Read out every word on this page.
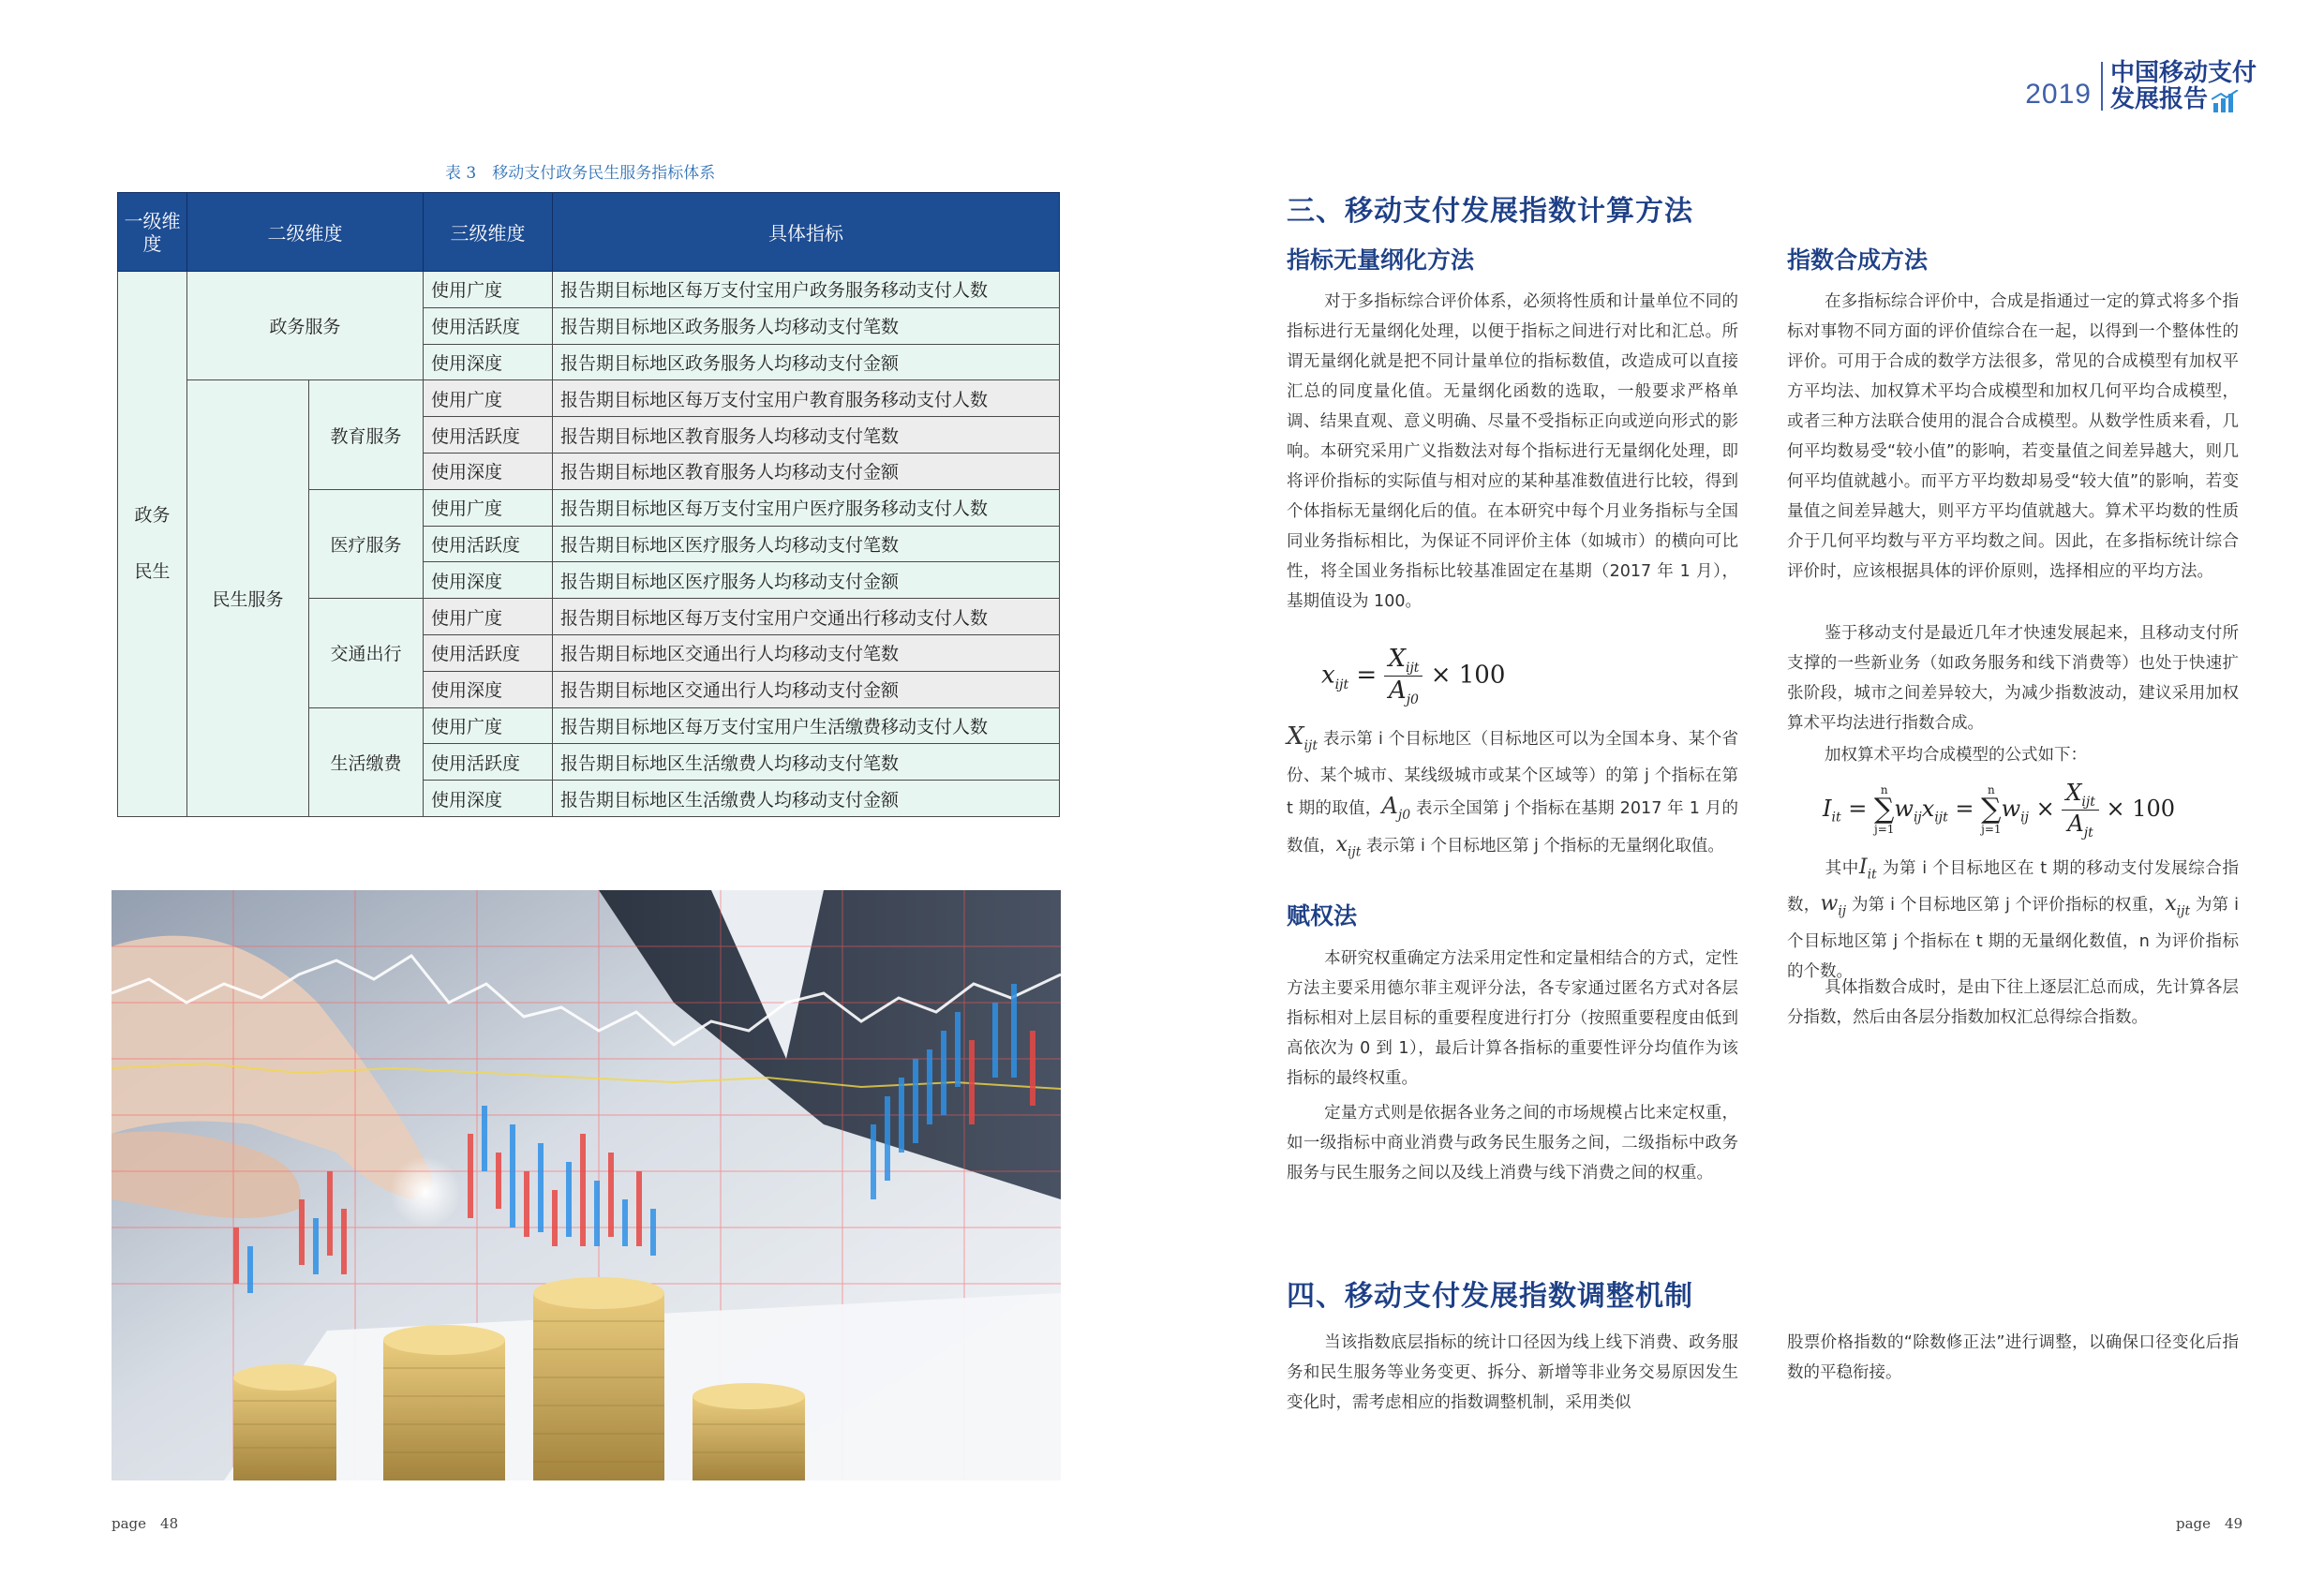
2019
中国移动支付
发展报告
表 3　移动支付政务民生服务指标体系
一级维度	二级维度		三级维度	具体指标

政务
民生	政务服务		使用广度	报告期目标地区每万支付宝用户政务服务移动支付人数
			使用活跃度	报告期目标地区政务服务人均移动支付笔数
			使用深度	报告期目标地区政务服务人均移动支付金额
	民生服务	教育服务	使用广度	报告期目标地区每万支付宝用户教育服务移动支付人数
			使用活跃度	报告期目标地区教育服务人均移动支付笔数
			使用深度	报告期目标地区教育服务人均移动支付金额
		医疗服务	使用广度	报告期目标地区每万支付宝用户医疗服务移动支付人数
			使用活跃度	报告期目标地区医疗服务人均移动支付笔数
			使用深度	报告期目标地区医疗服务人均移动支付金额
		交通出行	使用广度	报告期目标地区每万支付宝用户交通出行移动支付人数
			使用活跃度	报告期目标地区交通出行人均移动支付笔数
			使用深度	报告期目标地区交通出行人均移动支付金额
		生活缴费	使用广度	报告期目标地区每万支付宝用户生活缴费移动支付人数
			使用活跃度	报告期目标地区生活缴费人均移动支付笔数
			使用深度	报告期目标地区生活缴费人均移动支付金额
三、移动支付发展指数计算方法
指标无量纲化方法
对于多指标综合评价体系，必须将性质和计量单位不同的指标进行无量纲化处理，以便于指标之间进行对比和汇总。所谓无量纲化就是把不同计量单位的指标数值，改造成可以直接汇总的同度量化值。无量纲化函数的选取，一般要求严格单调、结果直观、意义明确、尽量不受指标正向或逆向形式的影响。本研究采用广义指数法对每个指标进行无量纲化处理，即将评价指标的实际值与相对应的某种基准数值进行比较，得到个体指标无量纲化后的值。在本研究中每个月业务指标与全国同业务指标相比，为保证不同评价主体（如城市）的横向可比性，将全国业务指标比较基准固定在基期（2017 年 1 月），基期值设为 100。
$x_{ijt} = \frac{X_{ijt}}{A_{j0}} \times 100$
$X_{ijt}$ 表示第 i 个目标地区（目标地区可以为全国本身、某个省份、某个城市、某线级城市或某个区域等）的第 j 个指标在第 t 期的取值，$A_{j0}$ 表示全国第 j 个指标在基期 2017 年 1 月的数值，$x_{ijt}$ 表示第 i 个目标地区第 j 个指标的无量纲化取值。
赋权法
本研究权重确定方法采用定性和定量相结合的方式，定性方法主要采用德尔菲主观评分法，各专家通过匿名方式对各层指标相对上层目标的重要程度进行打分（按照重要程度由低到高依次为 0 到 1），最后计算各指标的重要性评分均值作为该指标的最终权重。
定量方式则是依据各业务之间的市场规模占比来定权重，如一级指标中商业消费与政务民生服务之间，二级指标中政务服务与民生服务之间以及线上消费与线下消费之间的权重。
指数合成方法
在多指标综合评价中，合成是指通过一定的算式将多个指标对事物不同方面的评价值综合在一起，以得到一个整体性的评价。可用于合成的数学方法很多，常见的合成模型有加权平方平均法、加权算术平均合成模型和加权几何平均合成模型，或者三种方法联合使用的混合合成模型。从数学性质来看，几何平均数易受“较小值”的影响，若变量值之间差异越大，则几何平均值就越小。而平方平均数却易受“较大值”的影响，若变量值之间差异越大，则平方平均值就越大。算术平均数的性质介于几何平均数与平方平均数之间。因此，在多指标统计综合评价时，应该根据具体的评价原则，选择相应的平均方法。
鉴于移动支付是最近几年才快速发展起来，且移动支付所支撑的一些新业务（如政务服务和线下消费等）也处于快速扩张阶段，城市之间差异较大，为减少指数波动，建议采用加权算术平均法进行指数合成。
加权算术平均合成模型的公式如下：
$I_{it}$ =
n
∑
j=1
$w_{ij}x_{ijt}$ =
n
∑
j=1
$w_{ij} \times \frac{X_{ijt}}{A_{jt}} \times 100$
其中$I_{it}$ 为第 i 个目标地区在 t 期的移动支付发展综合指数，$w_{ij}$ 为第 i 个目标地区第 j 个评价指标的权重，$x_{ijt}$ 为第 i 个目标地区第 j 个指标在 t 期的无量纲化数值，n 为评价指标的个数。
具体指数合成时，是由下往上逐层汇总而成，先计算各层分指数，然后由各层分指数加权汇总得综合指数。
四、移动支付发展指数调整机制
当该指数底层指标的统计口径因为线上线下消费、政务服务和民生服务等业务变更、拆分、新增等非业务交易原因发生变化时，需考虑相应的指数调整机制，采用类似
股票价格指数的“除数修正法”进行调整，以确保口径变化后指数的平稳衔接。
page　48	page　49
